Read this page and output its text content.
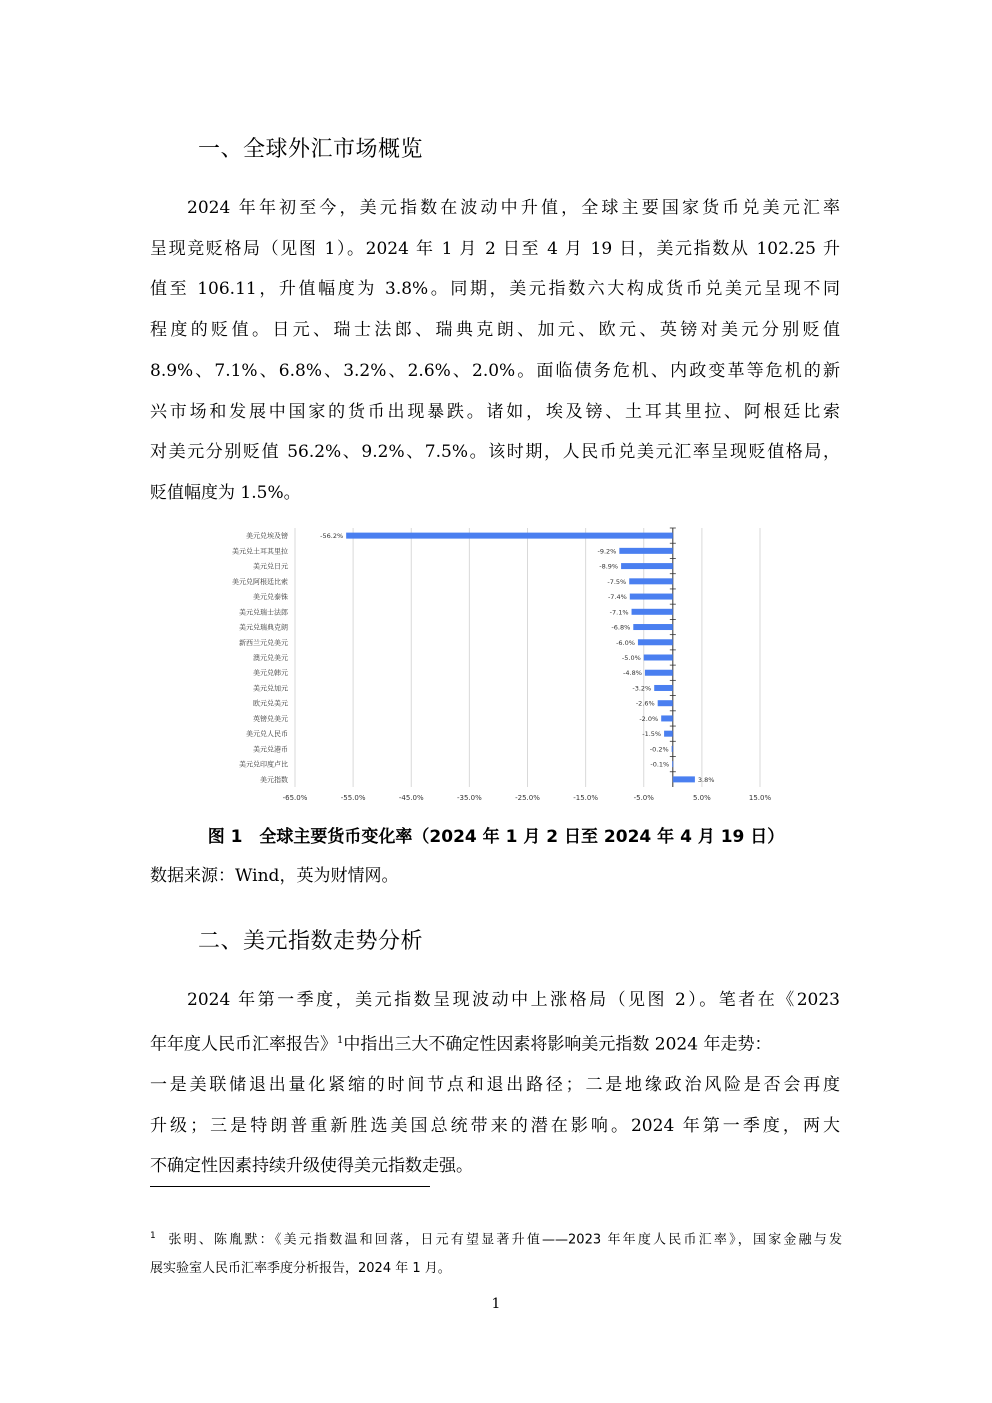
一、全球外汇市场概览
2024 年年初至今，美元指数在波动中升值，全球主要国家货币兑美元汇率
呈现竞贬格局（见图 1）。2024 年 1 月 2 日至 4 月 19 日，美元指数从 102.25 升
值至 106.11，升值幅度为 3.8%。同期，美元指数六大构成货币兑美元呈现不同
程度的贬值。日元、瑞士法郎、瑞典克朗、加元、欧元、英镑对美元分别贬值
8.9%、7.1%、6.8%、3.2%、2.6%、2.0%。面临债务危机、内政变革等危机的新
兴市场和发展中国家的货币出现暴跌。诸如，埃及镑、土耳其里拉、阿根廷比索
对美元分别贬值 56.2%、9.2%、7.5%。该时期，人民币兑美元汇率呈现贬值格局，
贬值幅度为 1.5%。
-65.0%	-55.0%	-45.0%	-35.0%	-25.0%	-15.0%	-5.0%	5.0%	15.0%
美元兑埃及镑	-56.2%
美元兑土耳其里拉	-9.2%
美元兑日元	-8.9%
美元兑阿根廷比索	-7.5%
美元兑泰铢	-7.4%
美元兑瑞士法郎	-7.1%
美元兑瑞典克朗	-6.8%
新西兰元兑美元	-6.0%
澳元兑美元	-5.0%
美元兑韩元	-4.8%
美元兑加元	-3.2%
欧元兑美元	-2.6%
英镑兑美元	-2.0%
美元兑人民币	-1.5%
美元兑港币	-0.2%
美元兑印度卢比	-0.1%
美元指数	3.8%
图 1　全球主要货币变化率（2024 年 1 月 2 日至 2024 年 4 月 19 日）
数据来源：Wind，英为财情网。
二、美元指数走势分析
2024 年第一季度，美元指数呈现波动中上涨格局（见图 2）。笔者在《2023
年年度人民币汇率报告》$^1$中指出三大不确定性因素将影响美元指数 2024 年走势：
一是美联储退出量化紧缩的时间节点和退出路径；二是地缘政治风险是否会再度
升级；三是特朗普重新胜选美国总统带来的潜在影响。2024 年第一季度，两大
不确定性因素持续升级使得美元指数走强。
$^1$ 张明、陈胤默：《美元指数温和回落，日元有望显著升值——2023 年年度人民币汇率》，国家金融与发
展实验室人民币汇率季度分析报告，2024 年 1 月。
1
